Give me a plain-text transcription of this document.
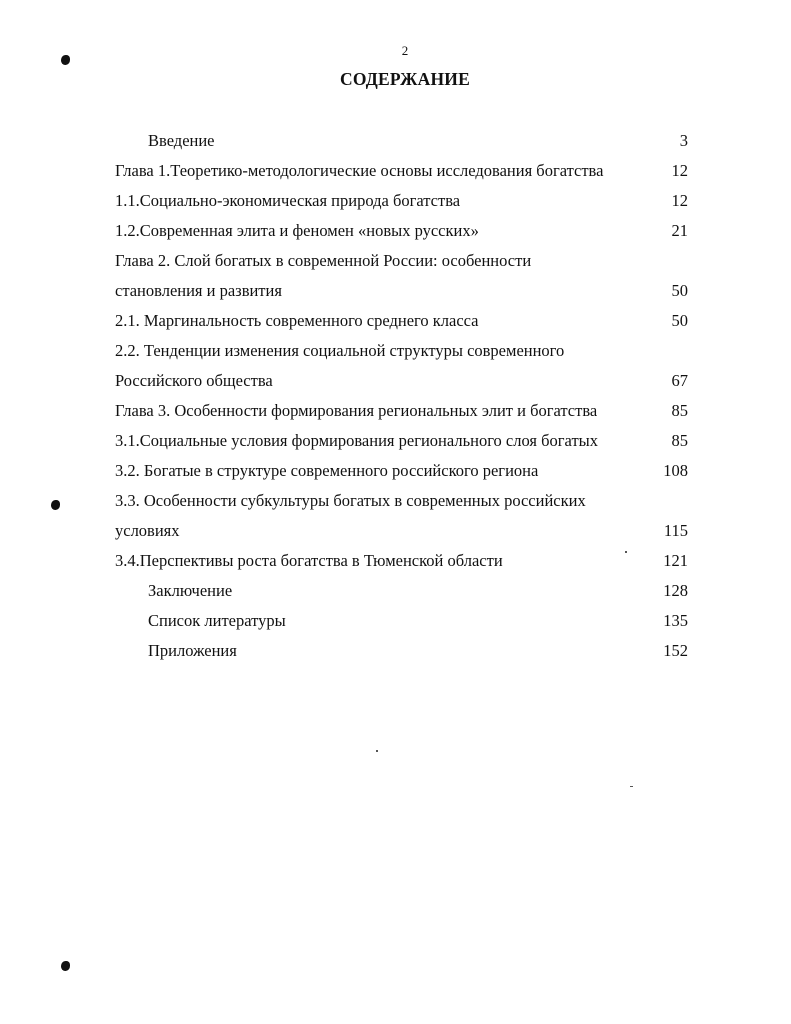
2
СОДЕРЖАНИЕ
Введение	3
Глава 1.Теоретико-методологические основы исследования богатства	12
1.1.Социально-экономическая природа богатства	12
1.2.Современная элита и феномен «новых русских»	21
Глава 2. Слой богатых в современной России: особенности
становления и развития	50
2.1. Маргинальность современного среднего класса	50
2.2. Тенденции изменения социальной структуры современного
Российского общества	67
Глава 3. Особенности формирования региональных элит и богатства	85
3.1.Социальные условия формирования регионального слоя богатых	85
3.2. Богатые в структуре современного российского региона	108
3.3. Особенности субкультуры богатых в современных российских
условиях	115
3.4.Перспективы роста богатства в Тюменской области	121
Заключение	128
Список литературы	135
Приложения	152
